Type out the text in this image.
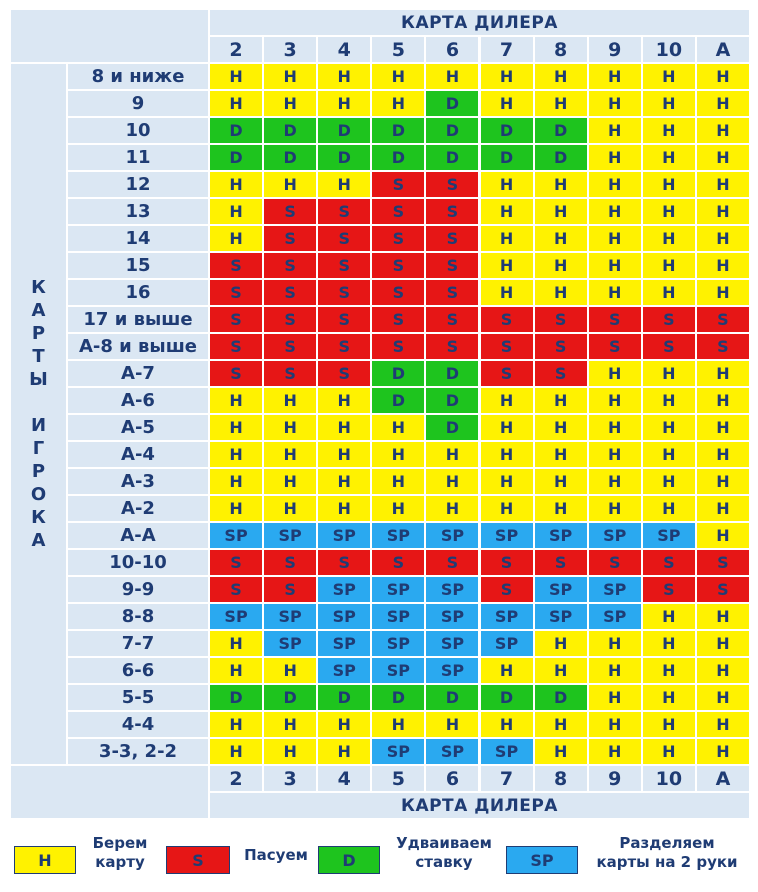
КАРТА ДИЛЕРА
2	3	4	5	6	7	8	9	10	A
К
А
Р
Т
Ы
И
Г
Р
О
К
А
8 и ниже	H	H	H	H	H	H	H	H	H	H
9	H	H	H	H	D	H	H	H	H	H
10	D	D	D	D	D	D	D	H	H	H
11	D	D	D	D	D	D	D	H	H	H
12	H	H	H	S	S	H	H	H	H	H
13	H	S	S	S	S	H	H	H	H	H
14	H	S	S	S	S	H	H	H	H	H
15	S	S	S	S	S	H	H	H	H	H
16	S	S	S	S	S	H	H	H	H	H
17 и выше	S	S	S	S	S	S	S	S	S	S
А-8 и выше	S	S	S	S	S	S	S	S	S	S
А-7	S	S	S	D	D	S	S	H	H	H
А-6	H	H	H	D	D	H	H	H	H	H
А-5	H	H	H	H	D	H	H	H	H	H
А-4	H	H	H	H	H	H	H	H	H	H
А-3	H	H	H	H	H	H	H	H	H	H
А-2	H	H	H	H	H	H	H	H	H	H
А-А	SP	SP	SP	SP	SP	SP	SP	SP	SP	H
10-10	S	S	S	S	S	S	S	S	S	S
9-9	S	S	SP	SP	SP	S	SP	SP	S	S
8-8	SP	SP	SP	SP	SP	SP	SP	SP	H	H
7-7	H	SP	SP	SP	SP	SP	H	H	H	H
6-6	H	H	SP	SP	SP	H	H	H	H	H
5-5	D	D	D	D	D	D	D	H	H	H
4-4	H	H	H	H	H	H	H	H	H	H
3-3, 2-2	H	H	H	SP	SP	SP	H	H	H	H
2	3	4	5	6	7	8	9	10	A
КАРТА ДИЛЕРА
H
Берем
карту	S	Пасуем	D
Удваиваем
ставку	SP
Разделяем
карты на 2 руки
